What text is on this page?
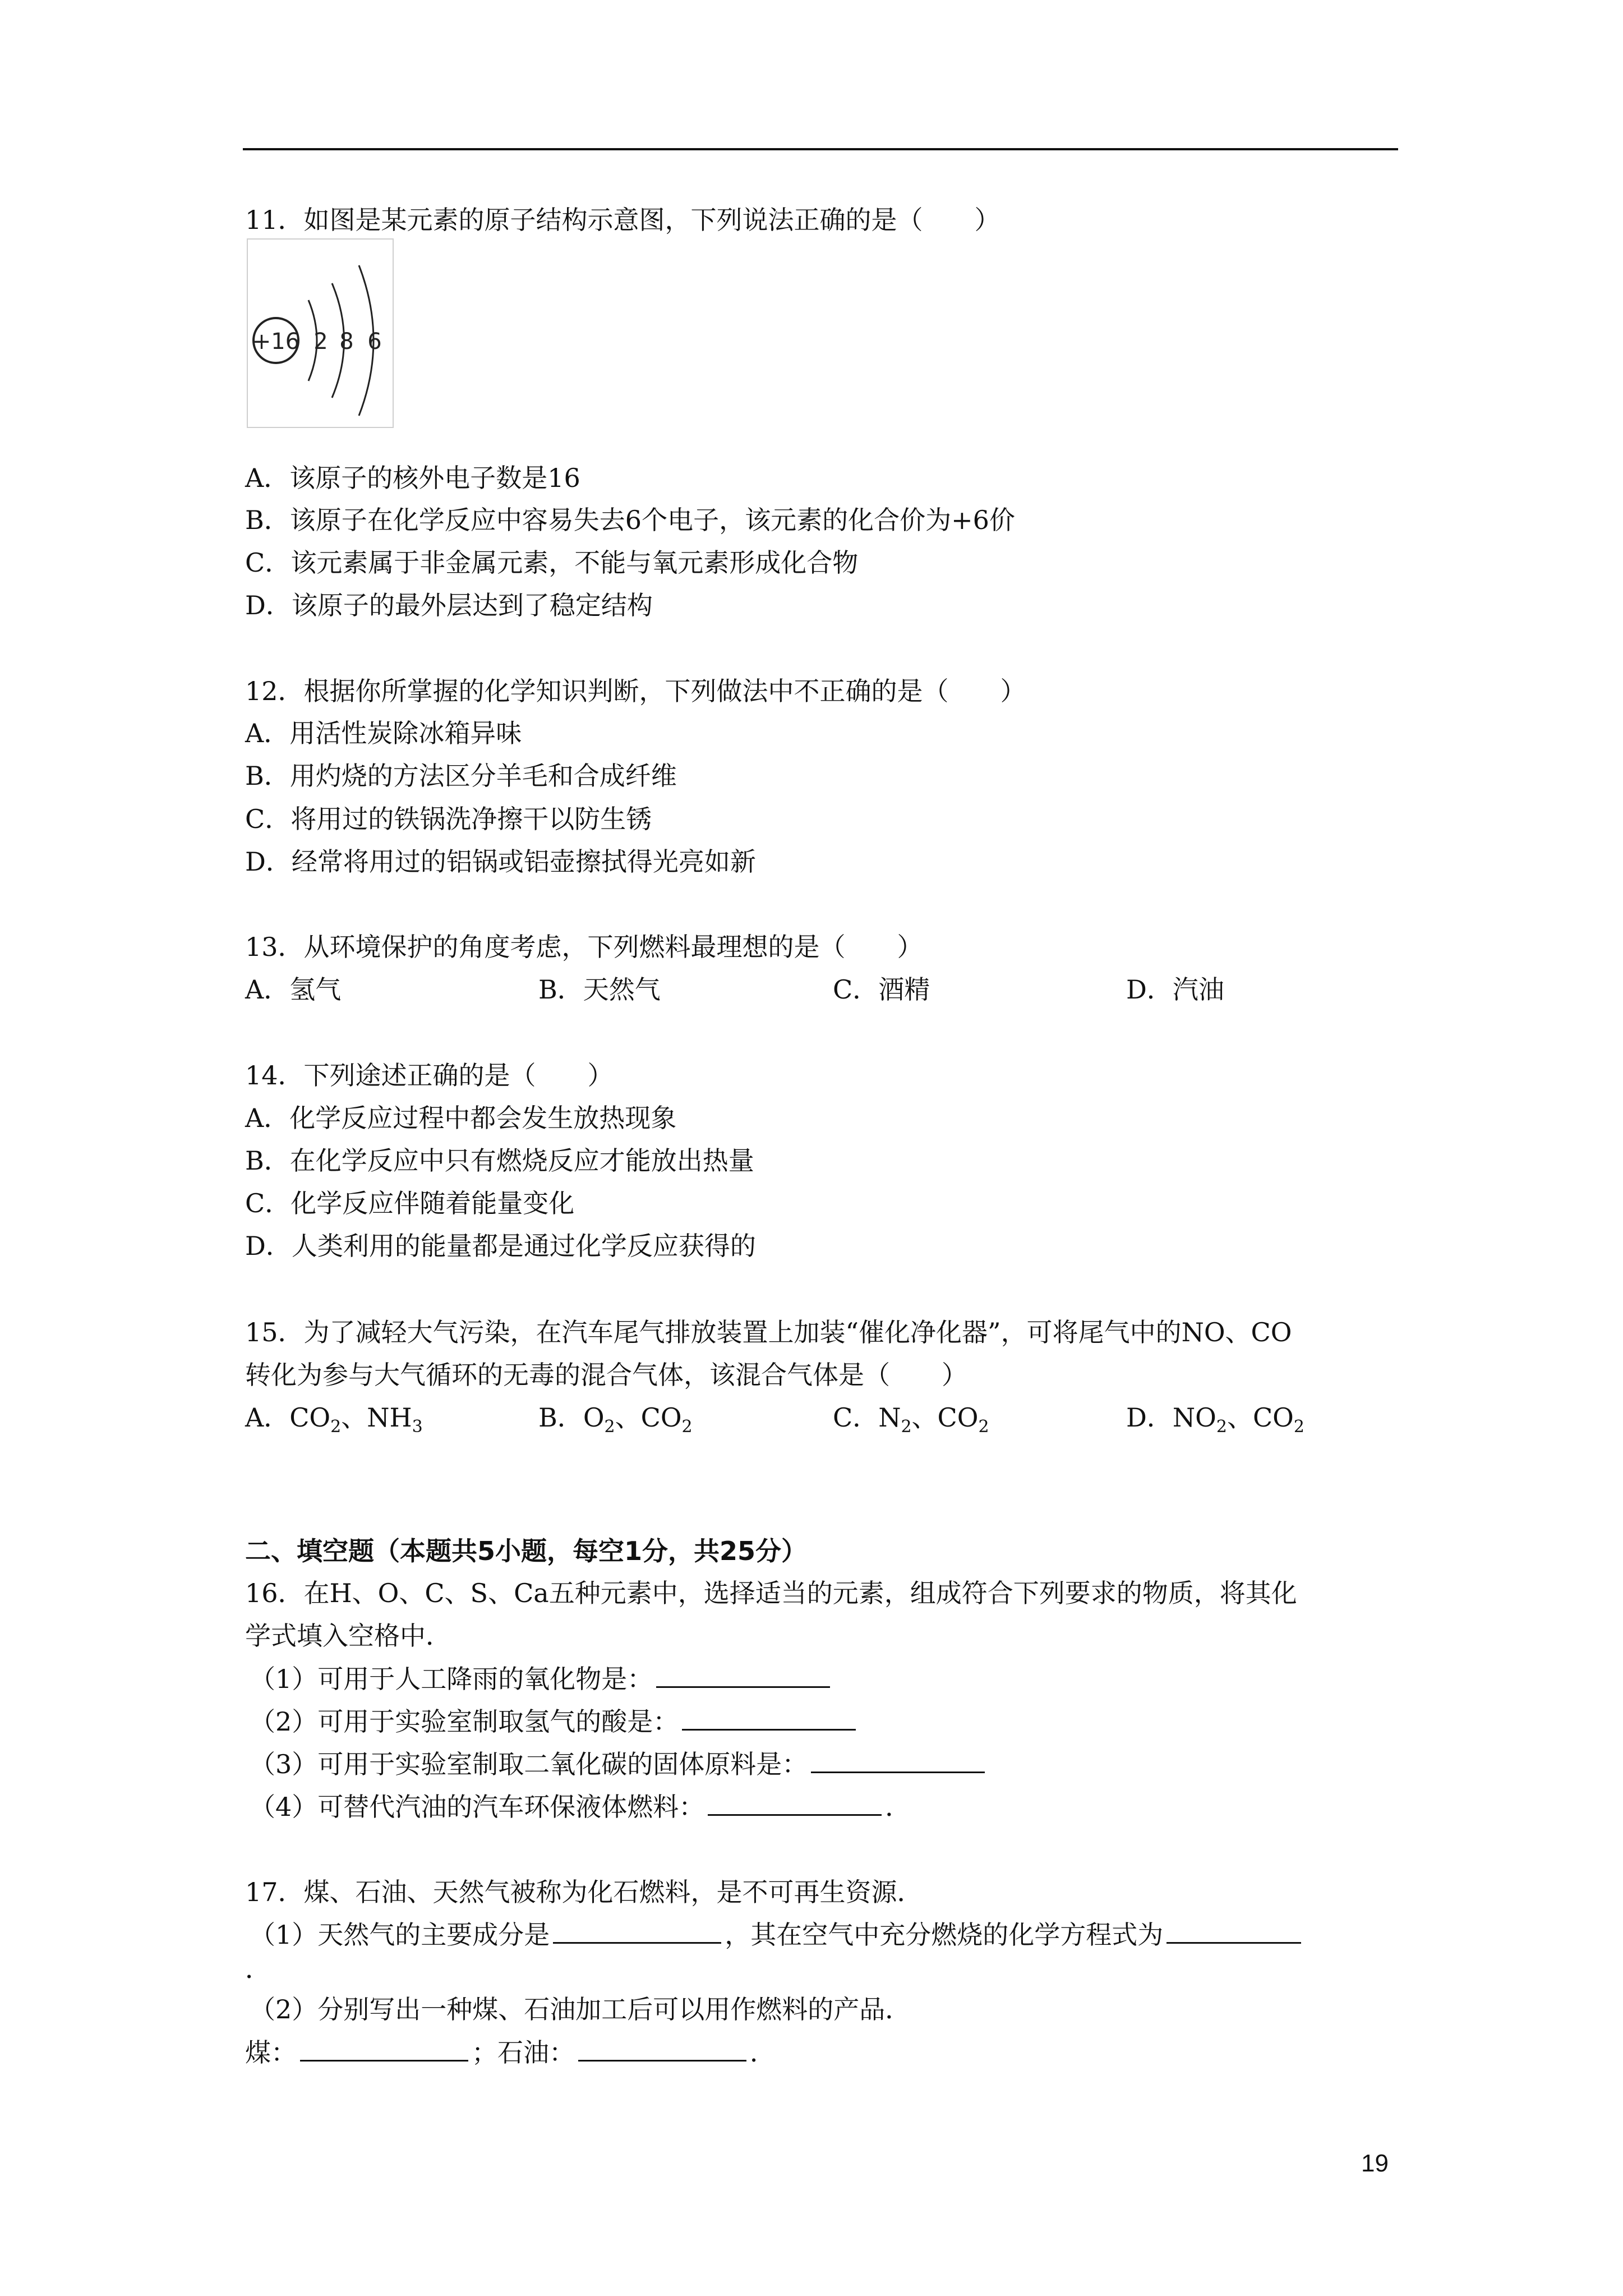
11．如图是某元素的原子结构示意图，下列说法正确的是（　　）
+16 2 8 6
A．该原子的核外电子数是16
B．该原子在化学反应中容易失去6个电子，该元素的化合价为+6价
C．该元素属于非金属元素，不能与氧元素形成化合物
D．该原子的最外层达到了稳定结构
12．根据你所掌握的化学知识判断，下列做法中不正确的是（　　）
A．用活性炭除冰箱异味
B．用灼烧的方法区分羊毛和合成纤维
C．将用过的铁锅洗净擦干以防生锈
D．经常将用过的铝锅或铝壶擦拭得光亮如新
13．从环境保护的角度考虑，下列燃料最理想的是（　　）
A．氢气	B．天然气	C．酒精	D．汽油
14．下列途述正确的是（　　）
A．化学反应过程中都会发生放热现象
B．在化学反应中只有燃烧反应才能放出热量
C．化学反应伴随着能量变化
D．人类利用的能量都是通过化学反应获得的
15．为了减轻大气污染，在汽车尾气排放装置上加装“催化净化器”，可将尾气中的NO、CO
转化为参与大气循环的无毒的混合气体，该混合气体是（　　）
A．$CO_2$、$NH_3$	B．$O_2$、$CO_2$	C．$N_2$、$CO_2$	D．$NO_2$、$CO_2$
二、填空题（本题共5小题，每空1分，共25分）
16．在H、O、C、S、Ca五种元素中，选择适当的元素，组成符合下列要求的物质，将其化
学式填入空格中．
（1）可用于人工降雨的氧化物是：
（2）可用于实验室制取氢气的酸是：
（3）可用于实验室制取二氧化碳的固体原料是：
（4）可替代汽油的汽车环保液体燃料：	．
17．煤、石油、天然气被称为化石燃料，是不可再生资源．
（1）天然气的主要成分是	，其在空气中充分燃烧的化学方程式为
．
（2）分别写出一种煤、石油加工后可以用作燃料的产品．
煤：	；石油：	．
19
